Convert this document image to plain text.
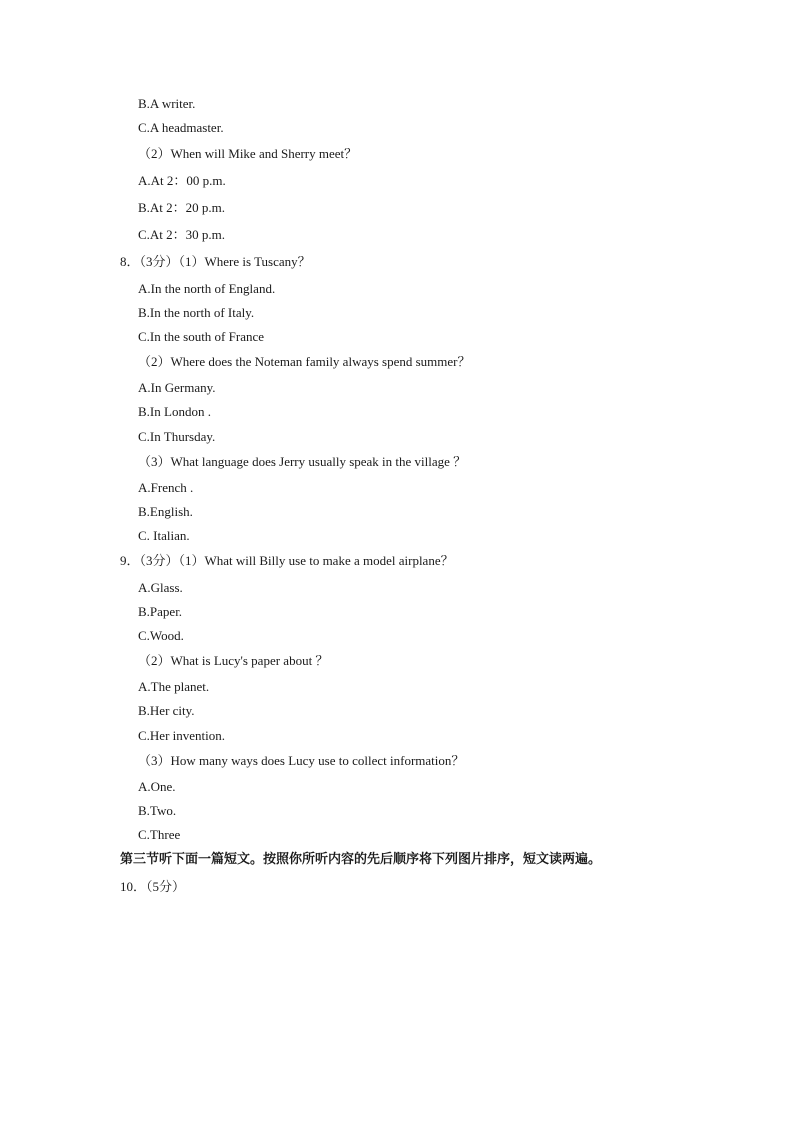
B.A writer.
C.A headmaster.
（2）When will Mike and Sherry meet？
A.At 2：00 p.m.
B.At 2：20 p.m.
C.At 2：30 p.m.
8．（3分）（1）Where is Tuscany？
A.In the north of England.
B.In the north of Italy.
C.In the south of France
（2）Where does the Noteman family always spend summer？
A.In Germany.
B.In London .
C.In Thursday.
（3）What language does Jerry usually speak in the village ？
A.French .
B.English.
C. Italian.
9．（3分）（1）What will Billy use to make a model airplane？
A.Glass.
B.Paper.
C.Wood.
（2）What is Lucy's paper about ？
A.The planet.
B.Her city.
C.Her invention.
（3）How many ways does Lucy use to collect information？
A.One.
B.Two.
C.Three
第三节听下面一篇短文。按照你所听内容的先后顺序将下列图片排序，短文读两遍。
10．（5分）
